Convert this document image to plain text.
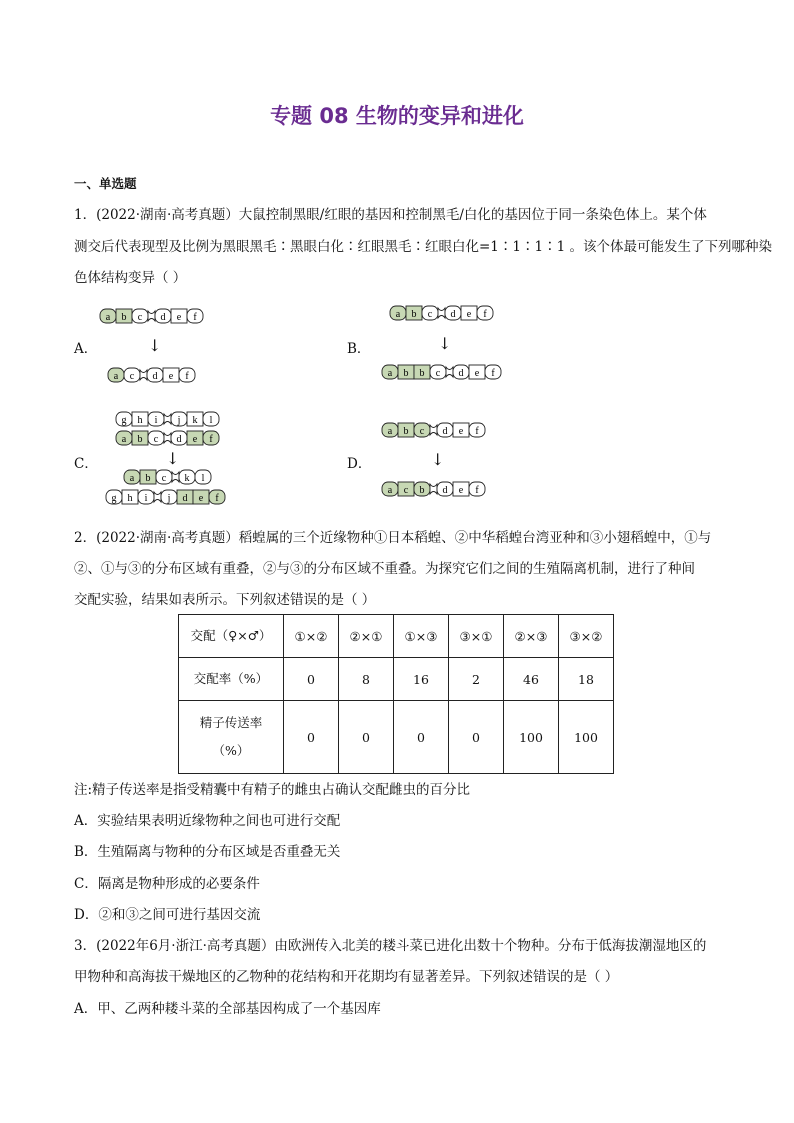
专题 08 生物的变异和进化
一、单选题
1．(2022·湖南·高考真题）大鼠控制黑眼/红眼的基因和控制黑毛/白化的基因位于同一条染色体上。某个体
测交后代表现型及比例为黑眼黑毛∶黑眼白化∶红眼黑毛∶红眼白化=1∶1∶1∶1 。该个体最可能发生了下列哪种染
色体结构变异（ ）
A．
a b c d e f
↓
a c d e f
B．
a b c d e f
↓
a b b c d e f
C．
g h i j k l
a b c d e f
↓
a b c k l
g h i j d e f
D．
a b c d e f
↓
a c b d e f
2．(2022·湖南·高考真题）稻蝗属的三个近缘物种①日本稻蝗、②中华稻蝗台湾亚种和③小翅稻蝗中，①与
②、①与③的分布区域有重叠，②与③的分布区域不重叠。为探究它们之间的生殖隔离机制，进行了种间
交配实验，结果如表所示。下列叙述错误的是（ ）
交配（♀×♂）	①×②	②×①	①×③	③×①	②×③	③×②
交配率（%）	0	8	16	2	46	18

精子传送率
（%）	0	0	0	0	100	100
注:精子传送率是指受精囊中有精子的雌虫占确认交配雌虫的百分比
A．实验结果表明近缘物种之间也可进行交配
B．生殖隔离与物种的分布区域是否重叠无关
C．隔离是物种形成的必要条件
D．②和③之间可进行基因交流
3．(2022年6月·浙江·高考真题）由欧洲传入北美的耧斗菜已进化出数十个物种。分布于低海拔潮湿地区的
甲物种和高海拔干燥地区的乙物种的花结构和开花期均有显著差异。下列叙述错误的是（ ）
A．甲、乙两种耧斗菜的全部基因构成了一个基因库
